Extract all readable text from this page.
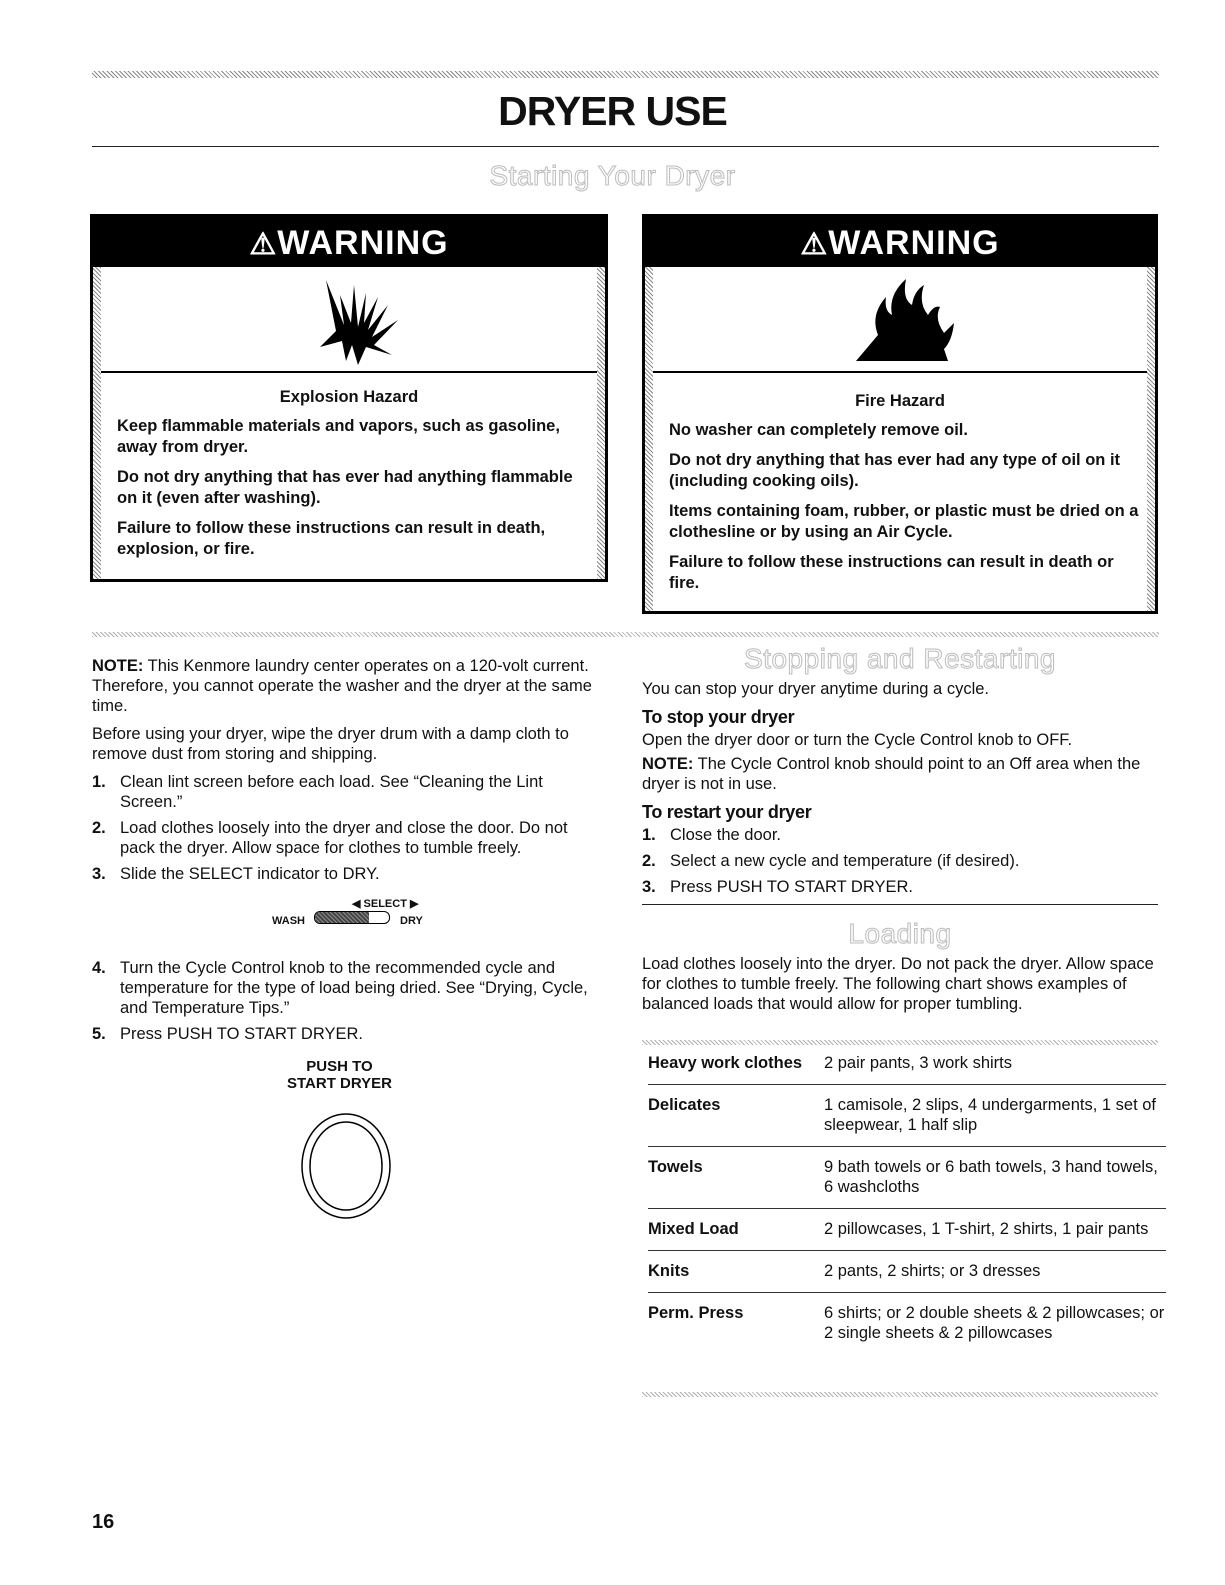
DRYER USE
Starting Your Dryer
⚠WARNING
Explosion Hazard

Keep flammable materials and vapors, such as gasoline, away from dryer.

Do not dry anything that has ever had anything flammable on it (even after washing).

Failure to follow these instructions can result in death, explosion, or fire.

⚠WARNING
Fire Hazard

No washer can completely remove oil.

Do not dry anything that has ever had any type of oil on it (including cooking oils).

Items containing foam, rubber, or plastic must be dried on a clothesline or by using an Air Cycle.

Failure to follow these instructions can result in death or fire.

NOTE: This Kenmore laundry center operates on a 120-volt current. Therefore, you cannot operate the washer and the dryer at the same time.

Before using your dryer, wipe the dryer drum with a damp cloth to remove dust from storing and shipping.

1. Clean lint screen before each load. See “Cleaning the Lint Screen.”
2. Load clothes loosely into the dryer and close the door. Do not pack the dryer. Allow space for clothes to tumble freely.
3. Slide the SELECT indicator to DRY.
◀ SELECT ▶
WASH	DRY
4. Turn the Cycle Control knob to the recommended cycle and temperature for the type of load being dried. See “Drying, Cycle, and Temperature Tips.”
5. Press PUSH TO START DRYER.
PUSH TO
START DRYER
Stopping and Restarting

You can stop your dryer anytime during a cycle.

To stop your dryer

Open the dryer door or turn the Cycle Control knob to OFF.

NOTE: The Cycle Control knob should point to an Off area when the dryer is not in use.

To restart your dryer
1. Close the door.
2. Select a new cycle and temperature (if desired).
3. Press PUSH TO START DRYER.
Loading
Load clothes loosely into the dryer. Do not pack the dryer. Allow space for clothes to tumble freely. The following chart shows examples of balanced loads that would allow for proper tumbling.
Heavy work clothes	2 pair pants, 3 work shirts
Delicates	1 camisole, 2 slips, 4 undergarments, 1 set of sleepwear, 1 half slip
Towels	9 bath towels or 6 bath towels, 3 hand towels, 6 washcloths
Mixed Load	2 pillowcases, 1 T-shirt, 2 shirts, 1 pair pants
Knits	2 pants, 2 shirts; or 3 dresses
Perm. Press	6 shirts; or 2 double sheets & 2 pillowcases; or 2 single sheets & 2 pillowcases
16
